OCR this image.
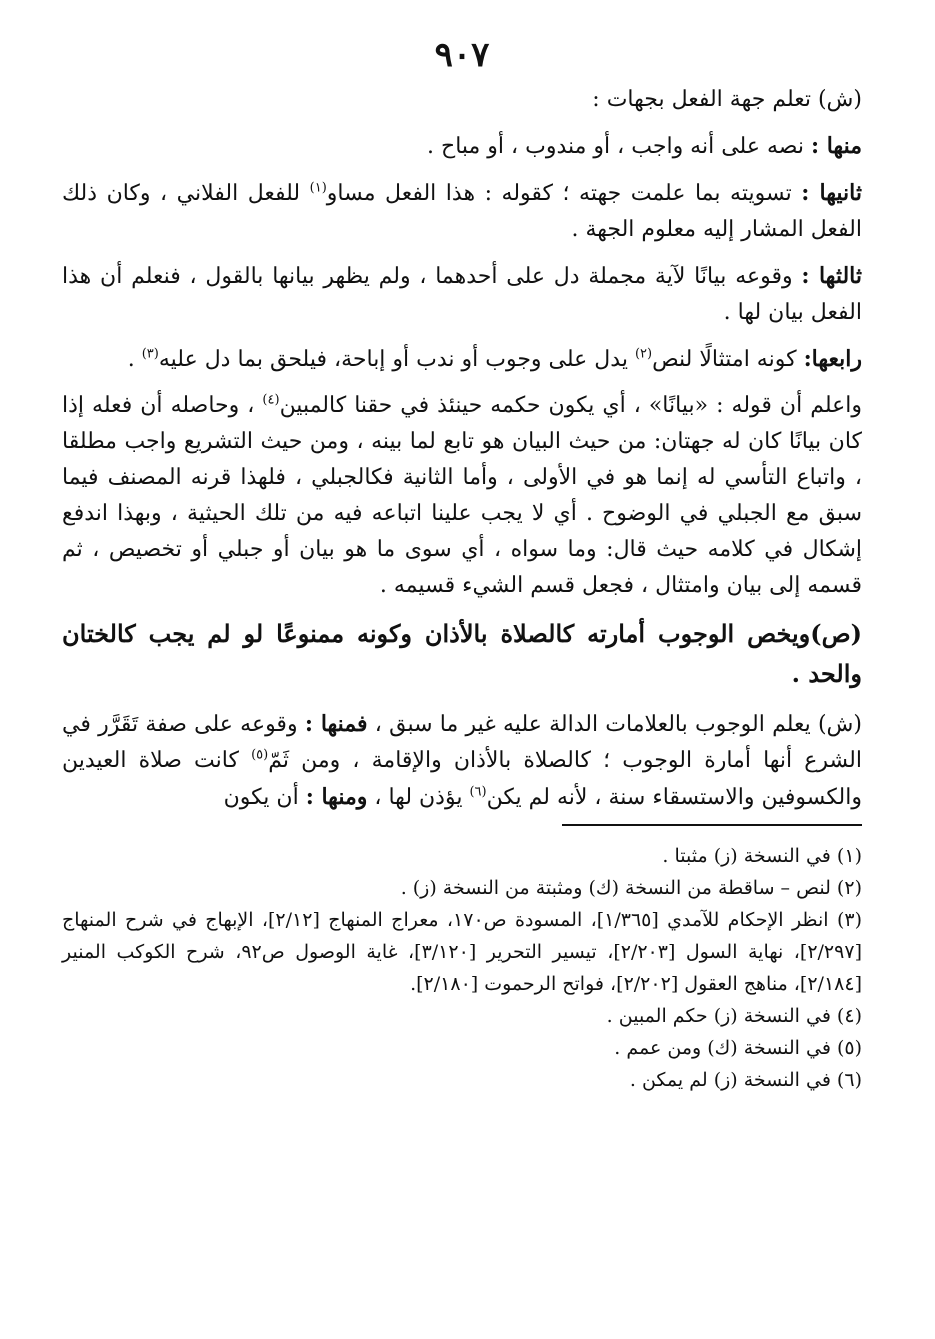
٩٠٧

(ش) تعلم جهة الفعل بجهات :

منها : نصه على أنه واجب ، أو مندوب ، أو مباح .

ثانيها : تسويته بما علمت جهته ؛ كقوله : هذا الفعل مساو$^{(١)}$ للفعل الفلاني ، وكان ذلك الفعل المشار إليه معلوم الجهة .

ثالثها : وقوعه بيانًا لآية مجملة دل على أحدهما ، ولم يظهر بيانها بالقول ، فنعلم أن هذا الفعل بيان لها .

رابعها: كونه امتثالًا لنص$^{(٢)}$ يدل على وجوب أو ندب أو إباحة، فيلحق بما دل عليه$^{(٣)}$ .

واعلم أن قوله : «بيانًا» ، أي يكون حكمه حينئذ في حقنا كالمبين$^{(٤)}$ ، وحاصله أن فعله إذا كان بيانًا كان له جهتان: من حيث البيان هو تابع لما بينه ، ومن حيث التشريع واجب مطلقا ، واتباع التأسي له إنما هو في الأولى ، وأما الثانية فكالجبلي ، فلهذا قرنه المصنف فيما سبق مع الجبلي في الوضوح . أي لا يجب علينا اتباعه فيه من تلك الحيثية ، وبهذا اندفع إشكال في كلامه حيث قال: وما سواه ، أي سوى ما هو بيان أو جبلي أو تخصيص ، ثم قسمه إلى بيان وامتثال ، فجعل قسم الشيء قسيمه .

(ص)ويخص الوجوب أمارته كالصلاة بالأذان وكونه ممنوعًا لو لم يجب كالختان والحد .

(ش) يعلم الوجوب بالعلامات الدالة عليه غير ما سبق ، فمنها : وقوعه على صفة تَقَرَّر في الشرع أنها أمارة الوجوب ؛ كالصلاة بالأذان والإقامة ، ومن ثَمّ$^{(٥)}$ كانت صلاة العيدين والكسوفين والاستسقاء سنة ، لأنه لم يكن$^{(٦)}$ يؤذن لها ، ومنها : أن يكون

(١) في النسخة (ز) مثبتا .

(٢) لنص – ساقطة من النسخة (ك) ومثبتة من النسخة (ز) .

(٣) انظر الإحكام للآمدي [١/٣٦٥]، المسودة ص١٧٠، معراج المنهاج [٢/١٢]، الإبهاج في شرح المنهاج [٢/٢٩٧]، نهاية السول [٢/٢٠٣]، تيسير التحرير [٣/١٢٠]، غاية الوصول ص٩٢، شرح الكوكب المنير [٢/١٨٤]، مناهج العقول [٢/٢٠٢]، فواتح الرحموت [٢/١٨٠].

(٤) في النسخة (ز) حكم المبين .

(٥) في النسخة (ك) ومن عمم .

(٦) في النسخة (ز) لم يمكن .
